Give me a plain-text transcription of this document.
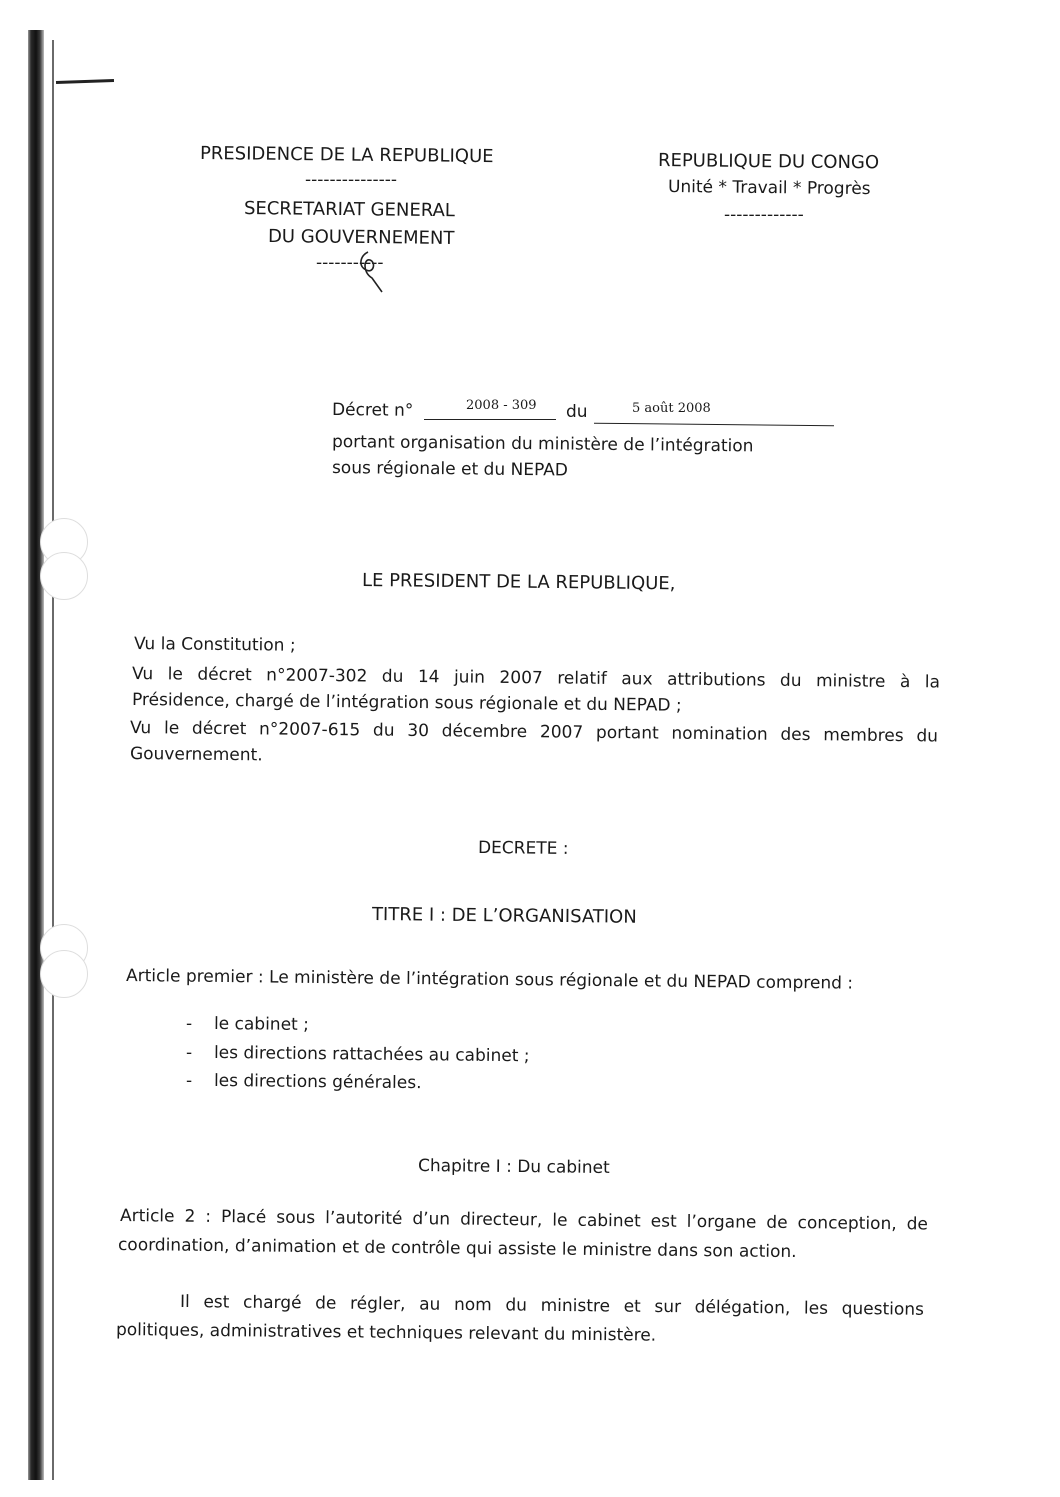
PRESIDENCE DE LA REPUBLIQUE
---------------
SECRETARIAT GENERAL
DU GOUVERNEMENT
-----------
REPUBLIQUE DU CONGO
Unité * Travail * Progrès
-------------
Décret n°	2008 - 309 du	5 août 2008
portant organisation du ministère de l’intégration
sous régionale et du NEPAD
LE PRESIDENT DE LA REPUBLIQUE,
Vu la Constitution ;
Vu le décret n°2007-302 du 14 juin 2007 relatif aux attributions du ministre à la
Présidence, chargé de l’intégration sous régionale et du NEPAD ;
Vu le décret n°2007-615 du 30 décembre 2007 portant nomination des membres du
Gouvernement.
DECRETE :
TITRE I : DE L’ORGANISATION
Article premier : Le ministère de l’intégration sous régionale et du NEPAD comprend :
- le cabinet ;
- les directions rattachées au cabinet ;
- les directions générales.
Chapitre I : Du cabinet
Article 2 : Placé sous l’autorité d’un directeur, le cabinet est l’organe de conception, de
coordination, d’animation et de contrôle qui assiste le ministre dans son action.
Il est chargé de régler, au nom du ministre et sur délégation, les questions
politiques, administratives et techniques relevant du ministère.
